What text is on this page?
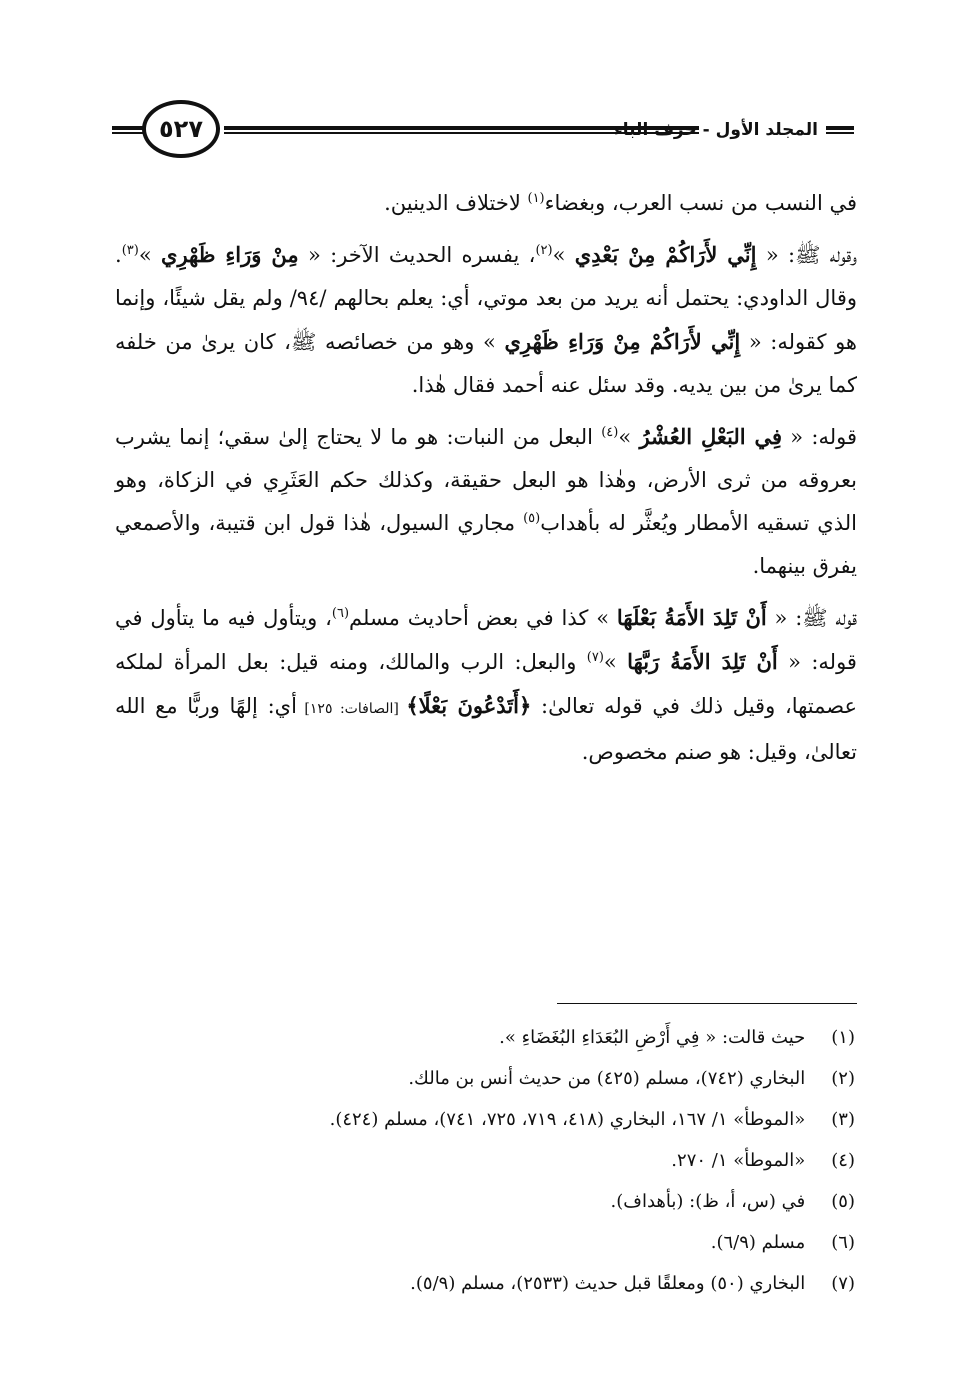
٥٢٧	المجلد الأول - حرف الباء

في النسب من نسب العرب، وبغضاء$^{(١)}$ لاختلاف الدينين.

وقوله ﷺ: « إِنِّي لأَرَاكُمْ مِنْ بَعْدِي »$^{(٢)}$، يفسره الحديث الآخر: « مِنْ وَرَاءِ ظَهْرِي »$^{(٣)}$. وقال الداودي: يحتمل أنه يريد من بعد موتي، أي: يعلم بحالهم /٩٤/ ولم يقل شيئًا، وإنما هو كقوله: « إِنِّي لأَرَاكُمْ مِنْ وَرَاءِ ظَهْرِي » وهو من خصائصه ﷺ، كان يرىٰ من خلفه كما يرىٰ من بين يديه. وقد سئل عنه أحمد فقال هٰذا.

قوله: « فِي البَعْلِ العُشْرُ »$^{(٤)}$ البعل من النبات: هو ما لا يحتاج إلىٰ سقي؛ إنما يشرب بعروقه من ثرى الأرض، وهٰذا هو البعل حقيقة، وكذلك حكم العَثَرِي في الزكاة، وهو الذي تسقيه الأمطار ويُعثَّر له بأهداب$^{(٥)}$ مجاري السيول، هٰذا قول ابن قتيبة، والأصمعي يفرق بينهما.

قوله ﷺ: « أَنْ تَلِدَ الأَمَةُ بَعْلَهَا » كذا في بعض أحاديث مسلم$^{(٦)}$، ويتأول فيه ما يتأول في قوله: « أَنْ تَلِدَ الأَمَةُ رَبَّهَا »$^{(٧)}$ والبعل: الرب والمالك، ومنه قيل: بعل المرأة لملكه عصمتها، وقيل ذلك في قوله تعالىٰ: ﴿أَتَدْعُونَ بَعْلًا﴾ [الصافات: ١٢٥] أي: إلهًا وربًّا مع الله تعالىٰ، وقيل: هو صنم مخصوص.

(١) حيث قالت: « فِي أَرْضِ البُعَدَاءِ البُغَضَاءِ ».
(٢) البخاري (٧٤٢)، مسلم (٤٢٥) من حديث أنس بن مالك.
(٣) «الموطأ» ١/ ١٦٧، البخاري (٤١٨، ٧١٩، ٧٢٥، ٧٤١)، مسلم (٤٢٤).
(٤) «الموطأ» ١/ ٢٧٠.
(٥) في (س، أ، ظ): (بأهداف).
(٦) مسلم (٦/٩).
(٧) البخاري (٥٠) ومعلقًا قبل حديث (٢٥٣٣)، مسلم (٥/٩).
